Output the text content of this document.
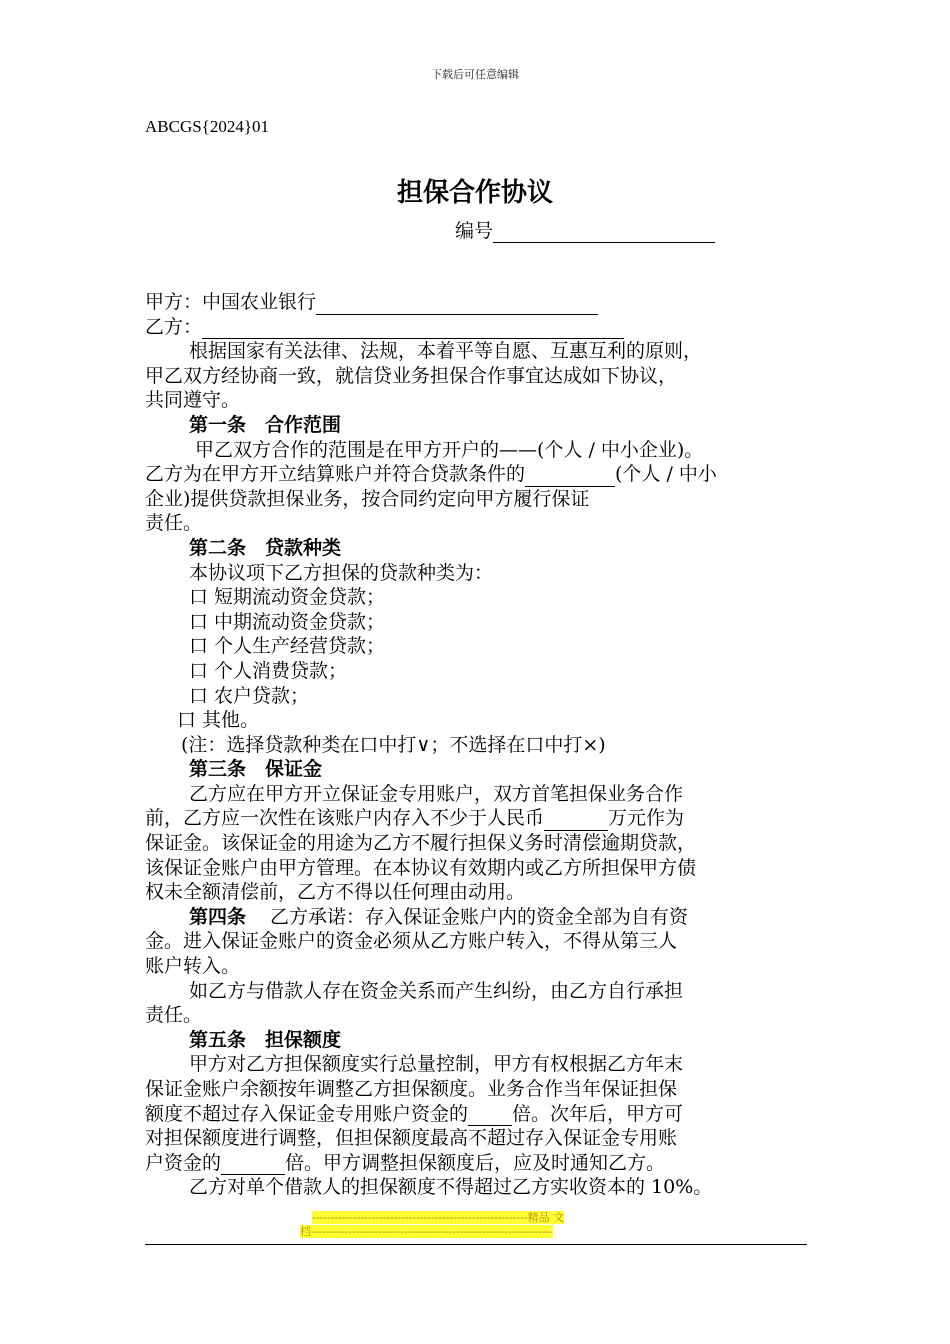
下载后可任意编辑
ABCGS{2024}01
担保合作协议
编号
甲方：中国农业银行
乙方：
根据国家有关法律、法规，本着平等自愿、互惠互利的原则，
甲乙双方经协商一致，就信贷业务担保合作事宜达成如下协议，
共同遵守。
第一条　合作范围
甲乙双方合作的范围是在甲方开户的——(个人 / 中小企业)。
乙方为在甲方开立结算账户并符合贷款条件的	(个人 / 中小
企业)提供贷款担保业务，按合同约定向甲方履行保证
责任。
第二条　贷款种类
本协议项下乙方担保的贷款种类为：
口 短期流动资金贷款；
口 中期流动资金贷款；
口 个人生产经营贷款；
口 个人消费贷款；
口 农户贷款；
口 其他。
(注：选择贷款种类在口中打∨；不选择在口中打×)
第三条　保证金
乙方应在甲方开立保证金专用账户，双方首笔担保业务合作
前，乙方应一次性在该账户内存入不少于人民币	万元作为
保证金。该保证金的用途为乙方不履行担保义务时清偿逾期贷款，
该保证金账户由甲方管理。在本协议有效期内或乙方所担保甲方债
权未全额清偿前，乙方不得以任何理由动用。
第四条 乙方承诺：存入保证金账户内的资金全部为自有资
金。进入保证金账户的资金必须从乙方账户转入，不得从第三人
账户转入。
如乙方与借款人存在资金关系而产生纠纷，由乙方自行承担
责任。
第五条　担保额度
甲方对乙方担保额度实行总量控制，甲方有权根据乙方年末
保证金账户余额按年调整乙方担保额度。业务合作当年保证担保
额度不超过存入保证金专用账户资金的 倍。次年后，甲方可
对担保额度进行调整，但担保额度最高不超过存入保证金专用账
户资金的	倍。甲方调整担保额度后，应及时通知乙方。
乙方对单个借款人的担保额度不得超过乙方实收资本的 10%。
----------------------------------------------------------精品 文
档-----------------------------------------------------------------
